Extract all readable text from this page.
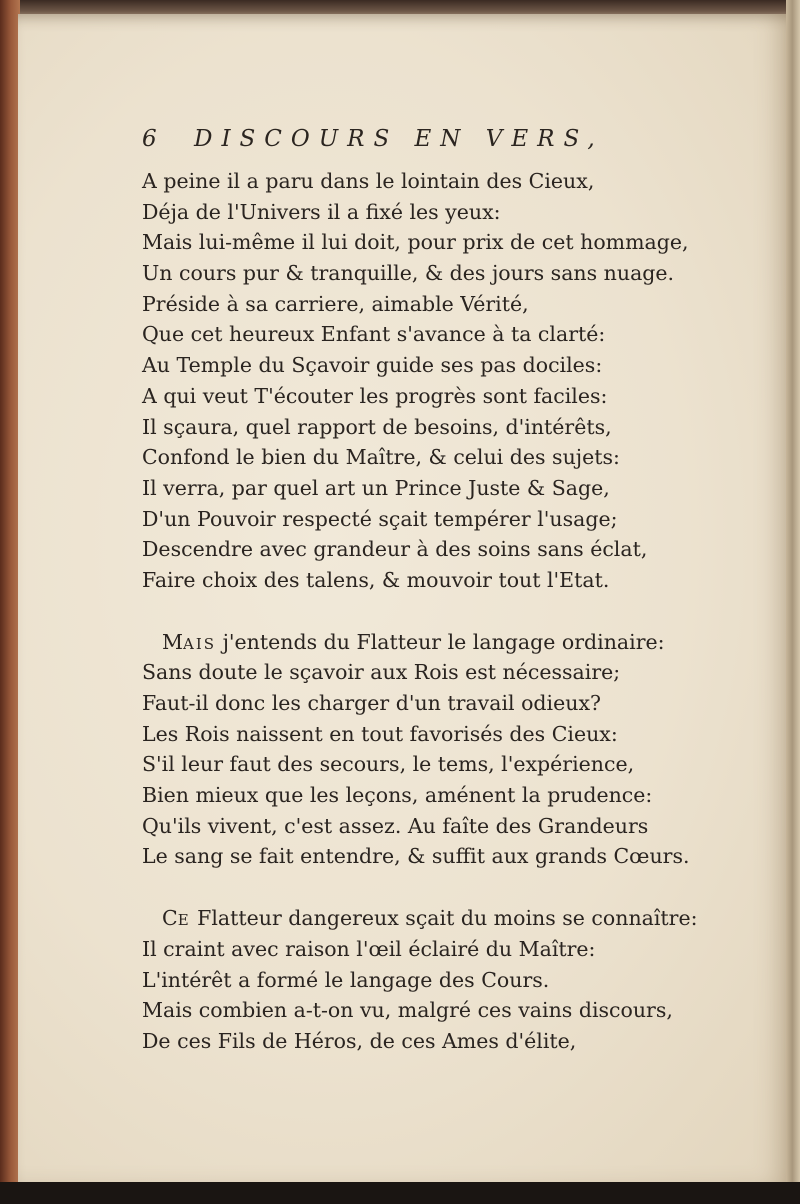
6 DISCOURS EN VERS,
A peine il a paru dans le lointain des Cieux,
Déja de l'Univers il a fixé les yeux:
Mais lui-même il lui doit, pour prix de cet hommage,
Un cours pur & tranquille, & des jours sans nuage.
Préside à sa carriere, aimable Vérité,
Que cet heureux Enfant s'avance à ta clarté:
Au Temple du Sçavoir guide ses pas dociles:
A qui veut T'écouter les progrès sont faciles:
Il sçaura, quel rapport de besoins, d'intérêts,
Confond le bien du Maître, & celui des sujets:
Il verra, par quel art un Prince Juste & Sage,
D'un Pouvoir respecté sçait tempérer l'usage;
Descendre avec grandeur à des soins sans éclat,
Faire choix des talens, & mouvoir tout l'Etat.
MAIS j'entends du Flatteur le langage ordinaire:
Sans doute le sçavoir aux Rois est nécessaire;
Faut-il donc les charger d'un travail odieux?
Les Rois naissent en tout favorisés des Cieux:
S'il leur faut des secours, le tems, l'expérience,
Bien mieux que les leçons, aménent la prudence:
Qu'ils vivent, c'est assez. Au faîte des Grandeurs
Le sang se fait entendre, & suffit aux grands Cœurs.
CE Flatteur dangereux sçait du moins se connaître:
Il craint avec raison l'œil éclairé du Maître:
L'intérêt a formé le langage des Cours.
Mais combien a-t-on vu, malgré ces vains discours,
De ces Fils de Héros, de ces Ames d'élite,
